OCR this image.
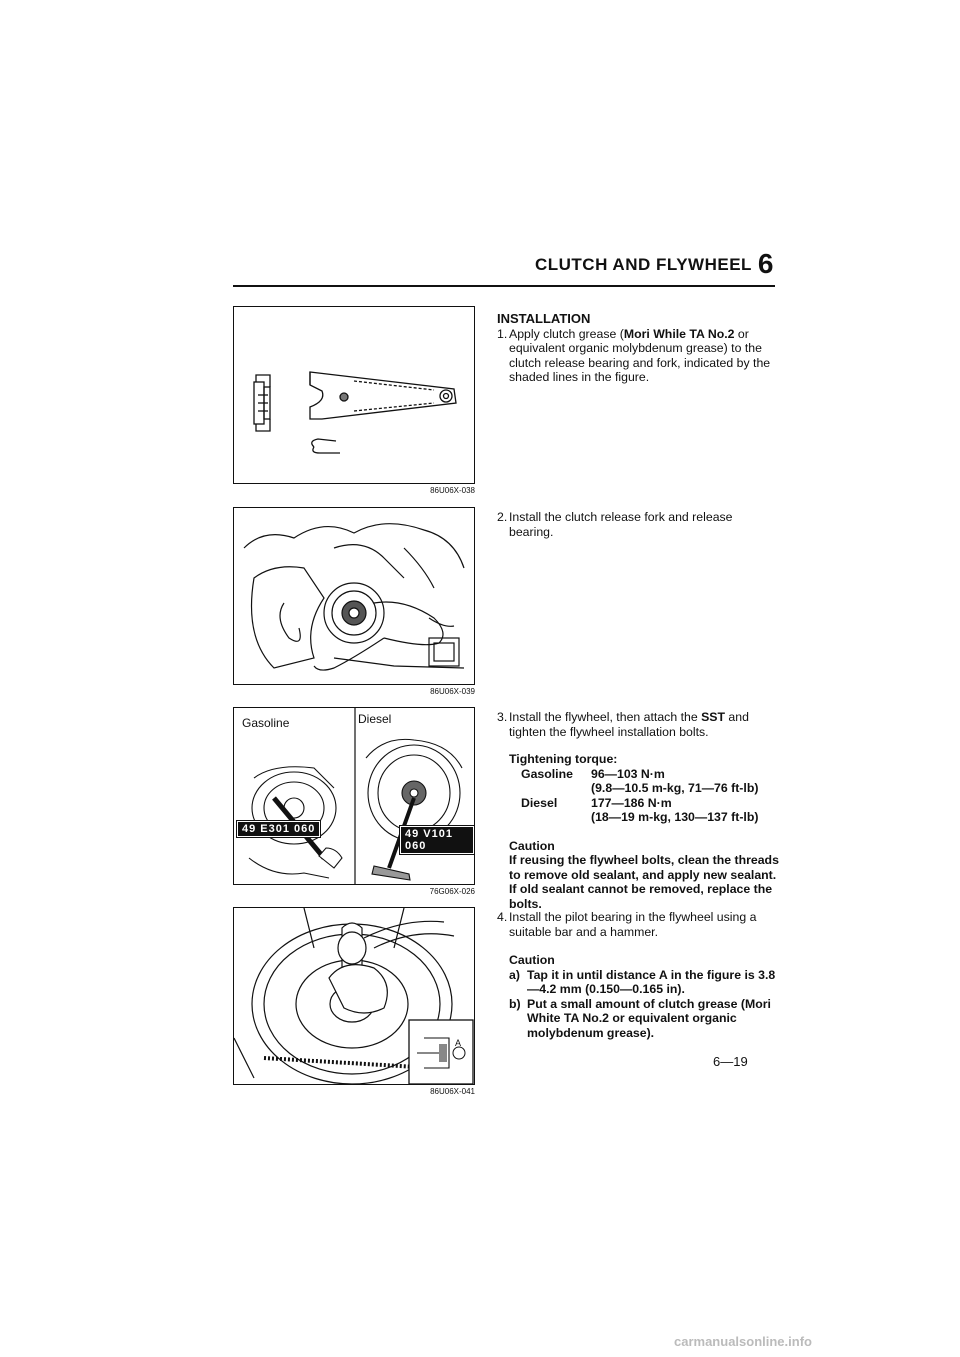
CLUTCH AND FLYWHEEL 6
86U06X-038
86U06X-039
Gasoline	Diesel
49 E301 060	49 V101 060
76G06X-026
A
86U06X-041

INSTALLATION

1. Apply clutch grease (Mori While TA No.2 or equivalent organic molybdenum grease) to the clutch release bearing and fork, indicated by the shaded lines in the figure.
2. Install the clutch release fork and release bearing.
3. Install the flywheel, then attach the SST and tighten the flywheel installation bolts.

Tightening torque:

Gasoline	96—103 N·m
(9.8—10.5 m-kg, 71—76 ft-lb)
Diesel	177—186 N·m
(18—19 m-kg, 130—137 ft-lb)

Caution

If reusing the flywheel bolts, clean the threads to remove old sealant, and apply new sealant. If old sealant cannot be removed, replace the bolts.

4. Install the pilot bearing in the flywheel using a suitable bar and a hammer.

Caution

a) Tap it in until distance A in the figure is 3.8—4.2 mm (0.150—0.165 in).
b) Put a small amount of clutch grease (Mori White TA No.2 or equivalent organic molybdenum grease).
6—19
carmanualsonline.info
